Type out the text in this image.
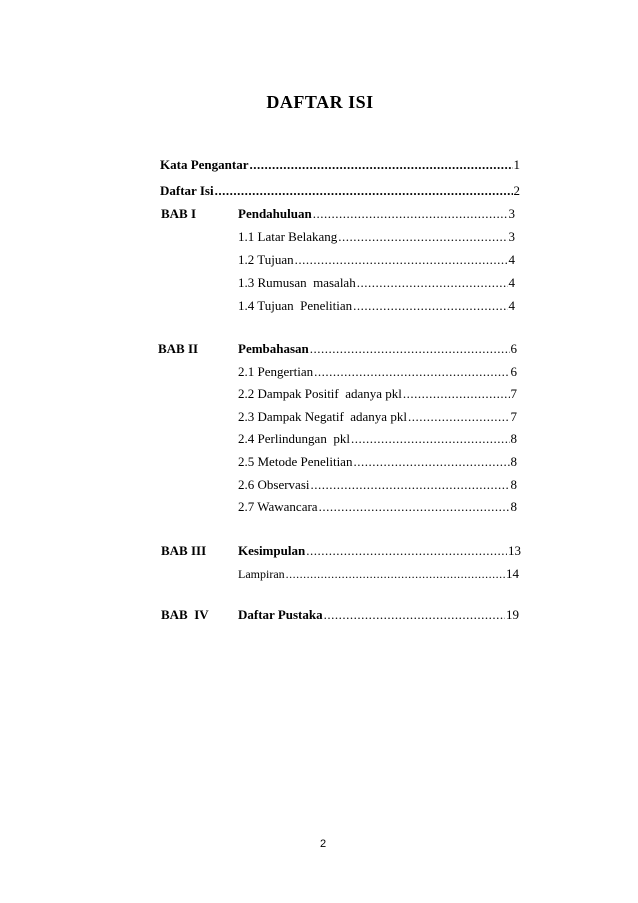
DAFTAR ISI
Kata Pengantar .....	1
Daftar Isi .....	2
BAB I	Pendahuluan .....	3
1.1 Latar Belakang .....	3
1.2 Tujuan .....	4
1.3 Rumusan  masalah .....	4
1.4 Tujuan  Penelitian .....	4
BAB II	Pembahasan .....	6
2.1 Pengertian .....	6
2.2 Dampak Positif  adanya pkl .....	7
2.3 Dampak Negatif  adanya pkl .....	7
2.4 Perlindungan  pkl .....	8
2.5 Metode Penelitian .....	8
2.6 Observasi .....	8
2.7 Wawancara .....	8
BAB III Kesimpulan .....	13
Lampiran .....	14
BAB  IV Daftar Pustaka .....	19
2
